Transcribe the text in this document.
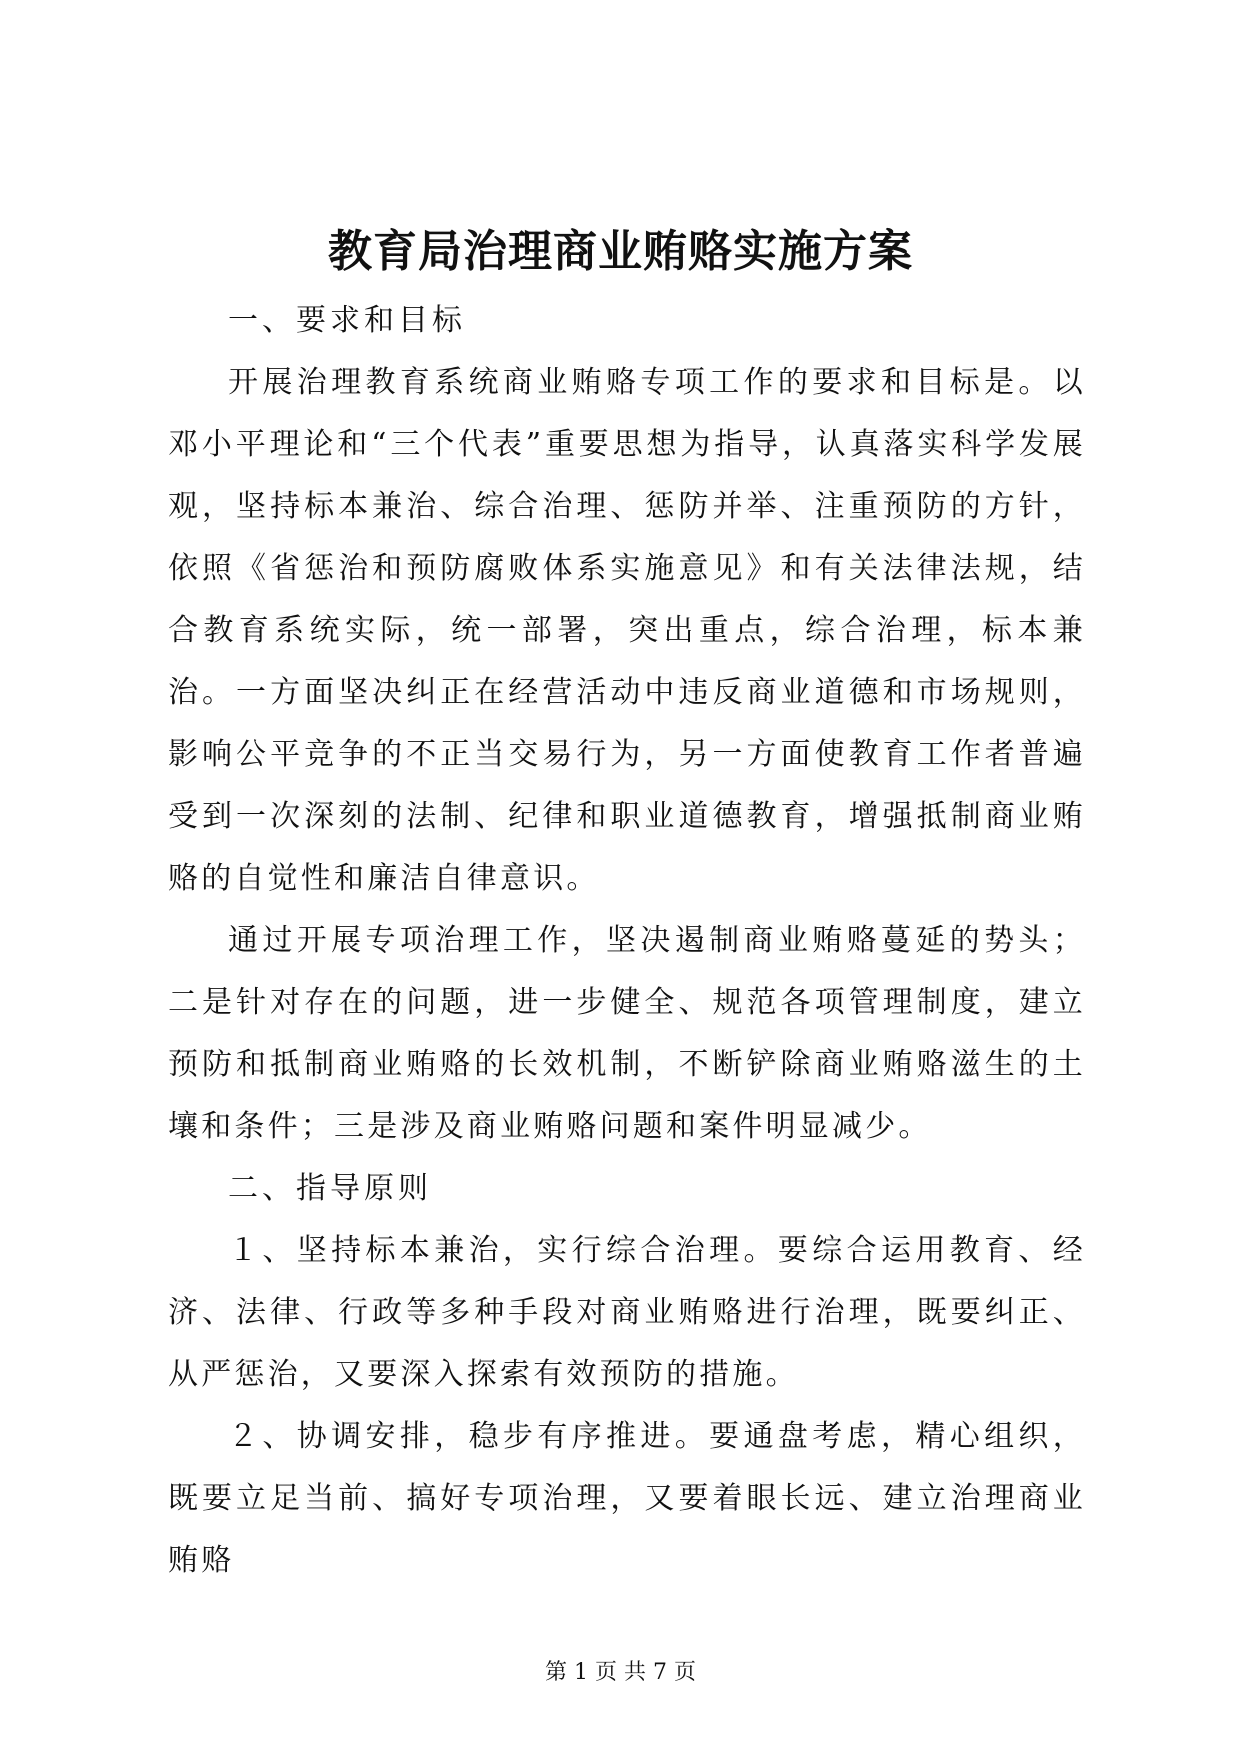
教育局治理商业贿赂实施方案

一、要求和目标

开展治理教育系统商业贿赂专项工作的要求和目标是。以邓小平理论和“三个代表”重要思想为指导，认真落实科学发展观，坚持标本兼治、综合治理、惩防并举、注重预防的方针，依照《省惩治和预防腐败体系实施意见》和有关法律法规，结合教育系统实际，统一部署，突出重点，综合治理，标本兼治。一方面坚决纠正在经营活动中违反商业道德和市场规则，影响公平竞争的不正当交易行为，另一方面使教育工作者普遍受到一次深刻的法制、纪律和职业道德教育，增强抵制商业贿赂的自觉性和廉洁自律意识。

通过开展专项治理工作，坚决遏制商业贿赂蔓延的势头；二是针对存在的问题，进一步健全、规范各项管理制度，建立预防和抵制商业贿赂的长效机制，不断铲除商业贿赂滋生的土壤和条件；三是涉及商业贿赂问题和案件明显减少。

二、指导原则

１、坚持标本兼治，实行综合治理。要综合运用教育、经济、法律、行政等多种手段对商业贿赂进行治理，既要纠正、从严惩治，又要深入探索有效预防的措施。

２、协调安排，稳步有序推进。要通盘考虑，精心组织，既要立足当前、搞好专项治理，又要着眼长远、建立治理商业贿赂

第 1 页 共 7 页
